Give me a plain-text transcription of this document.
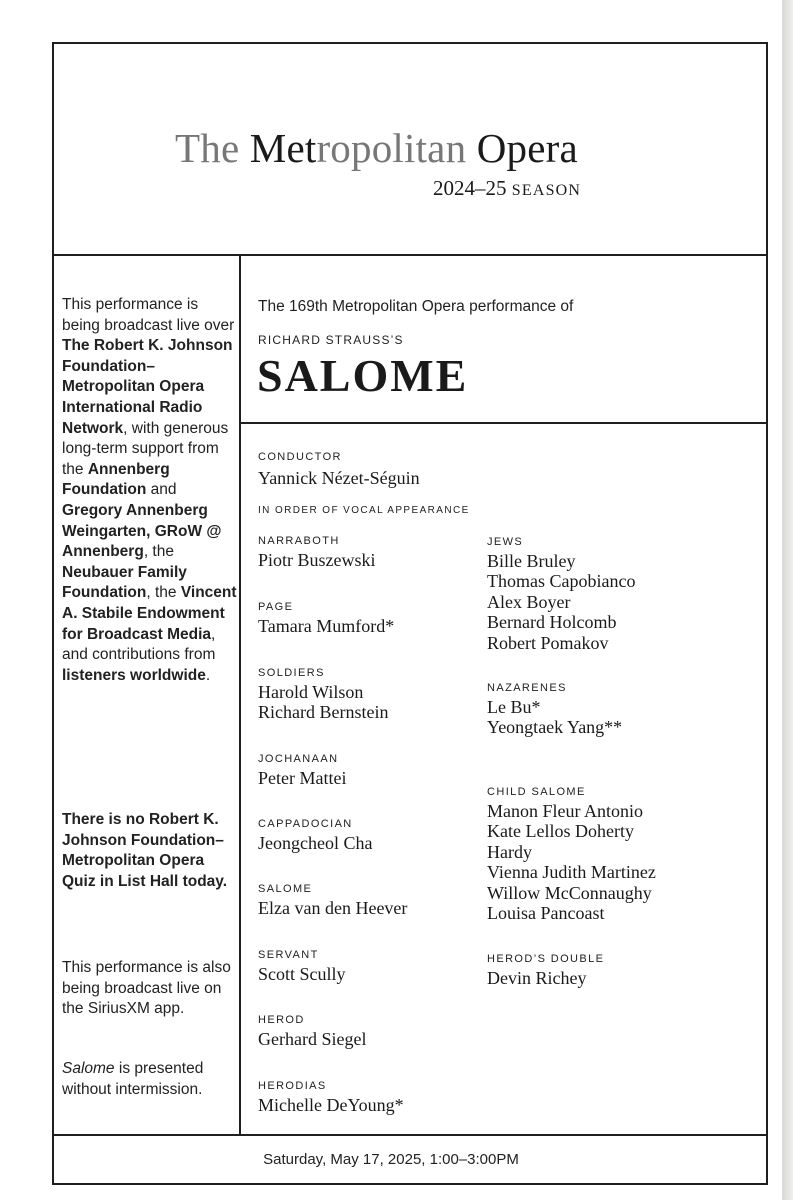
The Metropolitan Opera
2024–25 SEASON
This performance is being broadcast live over The Robert K. Johnson Foundation–Metropolitan Opera International Radio Network, with generous long-term support from the Annenberg Foundation and Gregory Annenberg Weingarten, GRoW @ Annenberg, the Neubauer Family Foundation, the Vincent A. Stabile Endowment for Broadcast Media, and contributions from listeners worldwide.
There is no Robert K. Johnson Foundation–Metropolitan Opera Quiz in List Hall today.
This performance is also being broadcast live on the SiriusXM app.
Salome is presented without intermission.
The 169th Metropolitan Opera performance of
RICHARD STRAUSS’S
SALOME
CONDUCTOR
Yannick Nézet-Séguin
IN ORDER OF VOCAL APPEARANCE
NARRABOTH
Piotr Buszewski
PAGE
Tamara Mumford*
SOLDIERS
Harold Wilson
Richard Bernstein
JOCHANAAN
Peter Mattei
CAPPADOCIAN
Jeongcheol Cha
SALOME
Elza van den Heever
SERVANT
Scott Scully
HEROD
Gerhard Siegel
HERODIAS
Michelle DeYoung*
JEWS
Bille Bruley
Thomas Capobianco
Alex Boyer
Bernard Holcomb
Robert Pomakov
NAZARENES
Le Bu*
Yeongtaek Yang**
CHILD SALOME
Manon Fleur Antonio
Kate Lellos Doherty
Hardy
Vienna Judith Martinez
Willow McConnaughy
Louisa Pancoast
HEROD’S DOUBLE
Devin Richey
Saturday, May 17, 2025, 1:00–3:00PM
